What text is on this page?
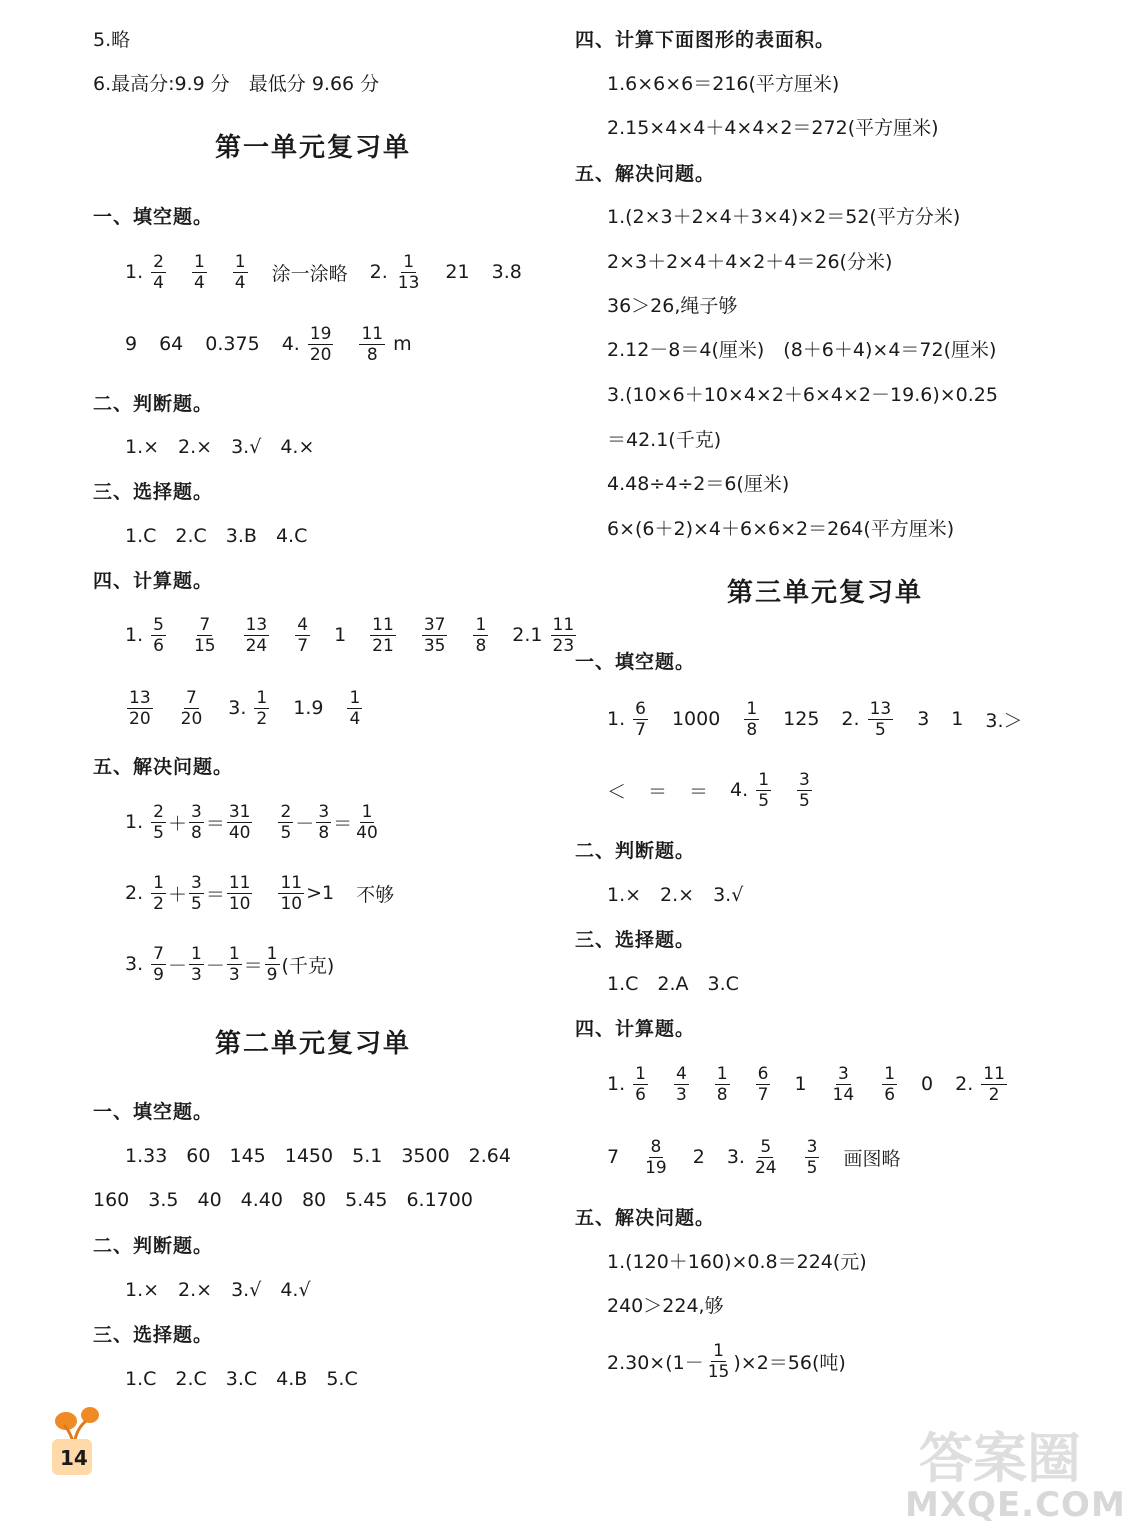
5.略
6.最高分:9.9 分　最低分 9.66 分
第一单元复习单
一、填空题。
1. $\frac{2}{4} \frac{1}{4} \frac{1}{4}$ 涂一涂略 2. $\frac{1}{13} 21$ 3.8
9 64 0.375 4. $\frac{19}{20} \frac{11}{8}$ m
二、判断题。
1.×　2.×　3.√　4.×
三、选择题。
1.C　2.C　3.B　4.C
四、计算题。
1. $\frac{5}{6} \frac{7}{15} \frac{13}{24} \frac{4}{7} 1 \frac{11}{21} \frac{37}{35} \frac{1}{8} 2.1 \frac{11}{23}$
$\frac{13}{20} \frac{7}{20} 3$. $\frac{1}{2} 1.9 \frac{1}{4}$
五、解决问题。
1. $\frac{2}{5} + \frac{3}{8} = \frac{31}{40} \frac{2}{5} - \frac{3}{8} = \frac{1}{40}$
2. $\frac{1}{2} + \frac{3}{5} = \frac{11}{10} \frac{11}{10} >1$ 不够
3. $\frac{7}{9} - \frac{1}{3} - \frac{1}{3} = \frac{1}{9}$ (千克)
第二单元复习单
一、填空题。
1.33　60　145　1450　5.1　3500　2.64
160　3.5　40　4.40　80　5.45　6.1700
二、判断题。
1.×　2.×　3.√　4.√
三、选择题。
1.C　2.C　3.C　4.B　5.C
四、计算下面图形的表面积。
1.6×6×6＝216(平方厘米)
2.15×4×4＋4×4×2＝272(平方厘米)
五、解决问题。
1.(2×3＋2×4＋3×4)×2＝52(平方分米)
2×3＋2×4＋4×2＋4＝26(分米)
36＞26,绳子够
2.12－8＝4(厘米)　(8＋6＋4)×4＝72(厘米)
3.(10×6＋10×4×2＋6×4×2－19.6)×0.25
＝42.1(千克)
4.48÷4÷2＝6(厘米)
6×(6＋2)×4＋6×6×2＝264(平方厘米)
第三单元复习单
一、填空题。
1. $\frac{6}{7} 1000 \frac{1}{8} 125$ 2. $\frac{13}{5} 3$ 1 3.＞
＜ ＝ ＝ 4. $\frac{1}{5} \frac{3}{5}$
二、判断题。
1.×　2.×　3.√
三、选择题。
1.C　2.A　3.C
四、计算题。
1. $\frac{1}{6} \frac{4}{3} \frac{1}{8} \frac{6}{7} 1 \frac{3}{14} \frac{1}{6} 0$ 2. $\frac{11}{2}$
$7 \frac{8}{19} 2$ 3. $\frac{5}{24} \frac{3}{5}$ 画图略
五、解决问题。
1.(120＋160)×0.8＝224(元)
240＞224,够
$2.30\times(1- \frac{1}{15} )\times 2=56$(吨)
14	答案圈
MXQE.COM
